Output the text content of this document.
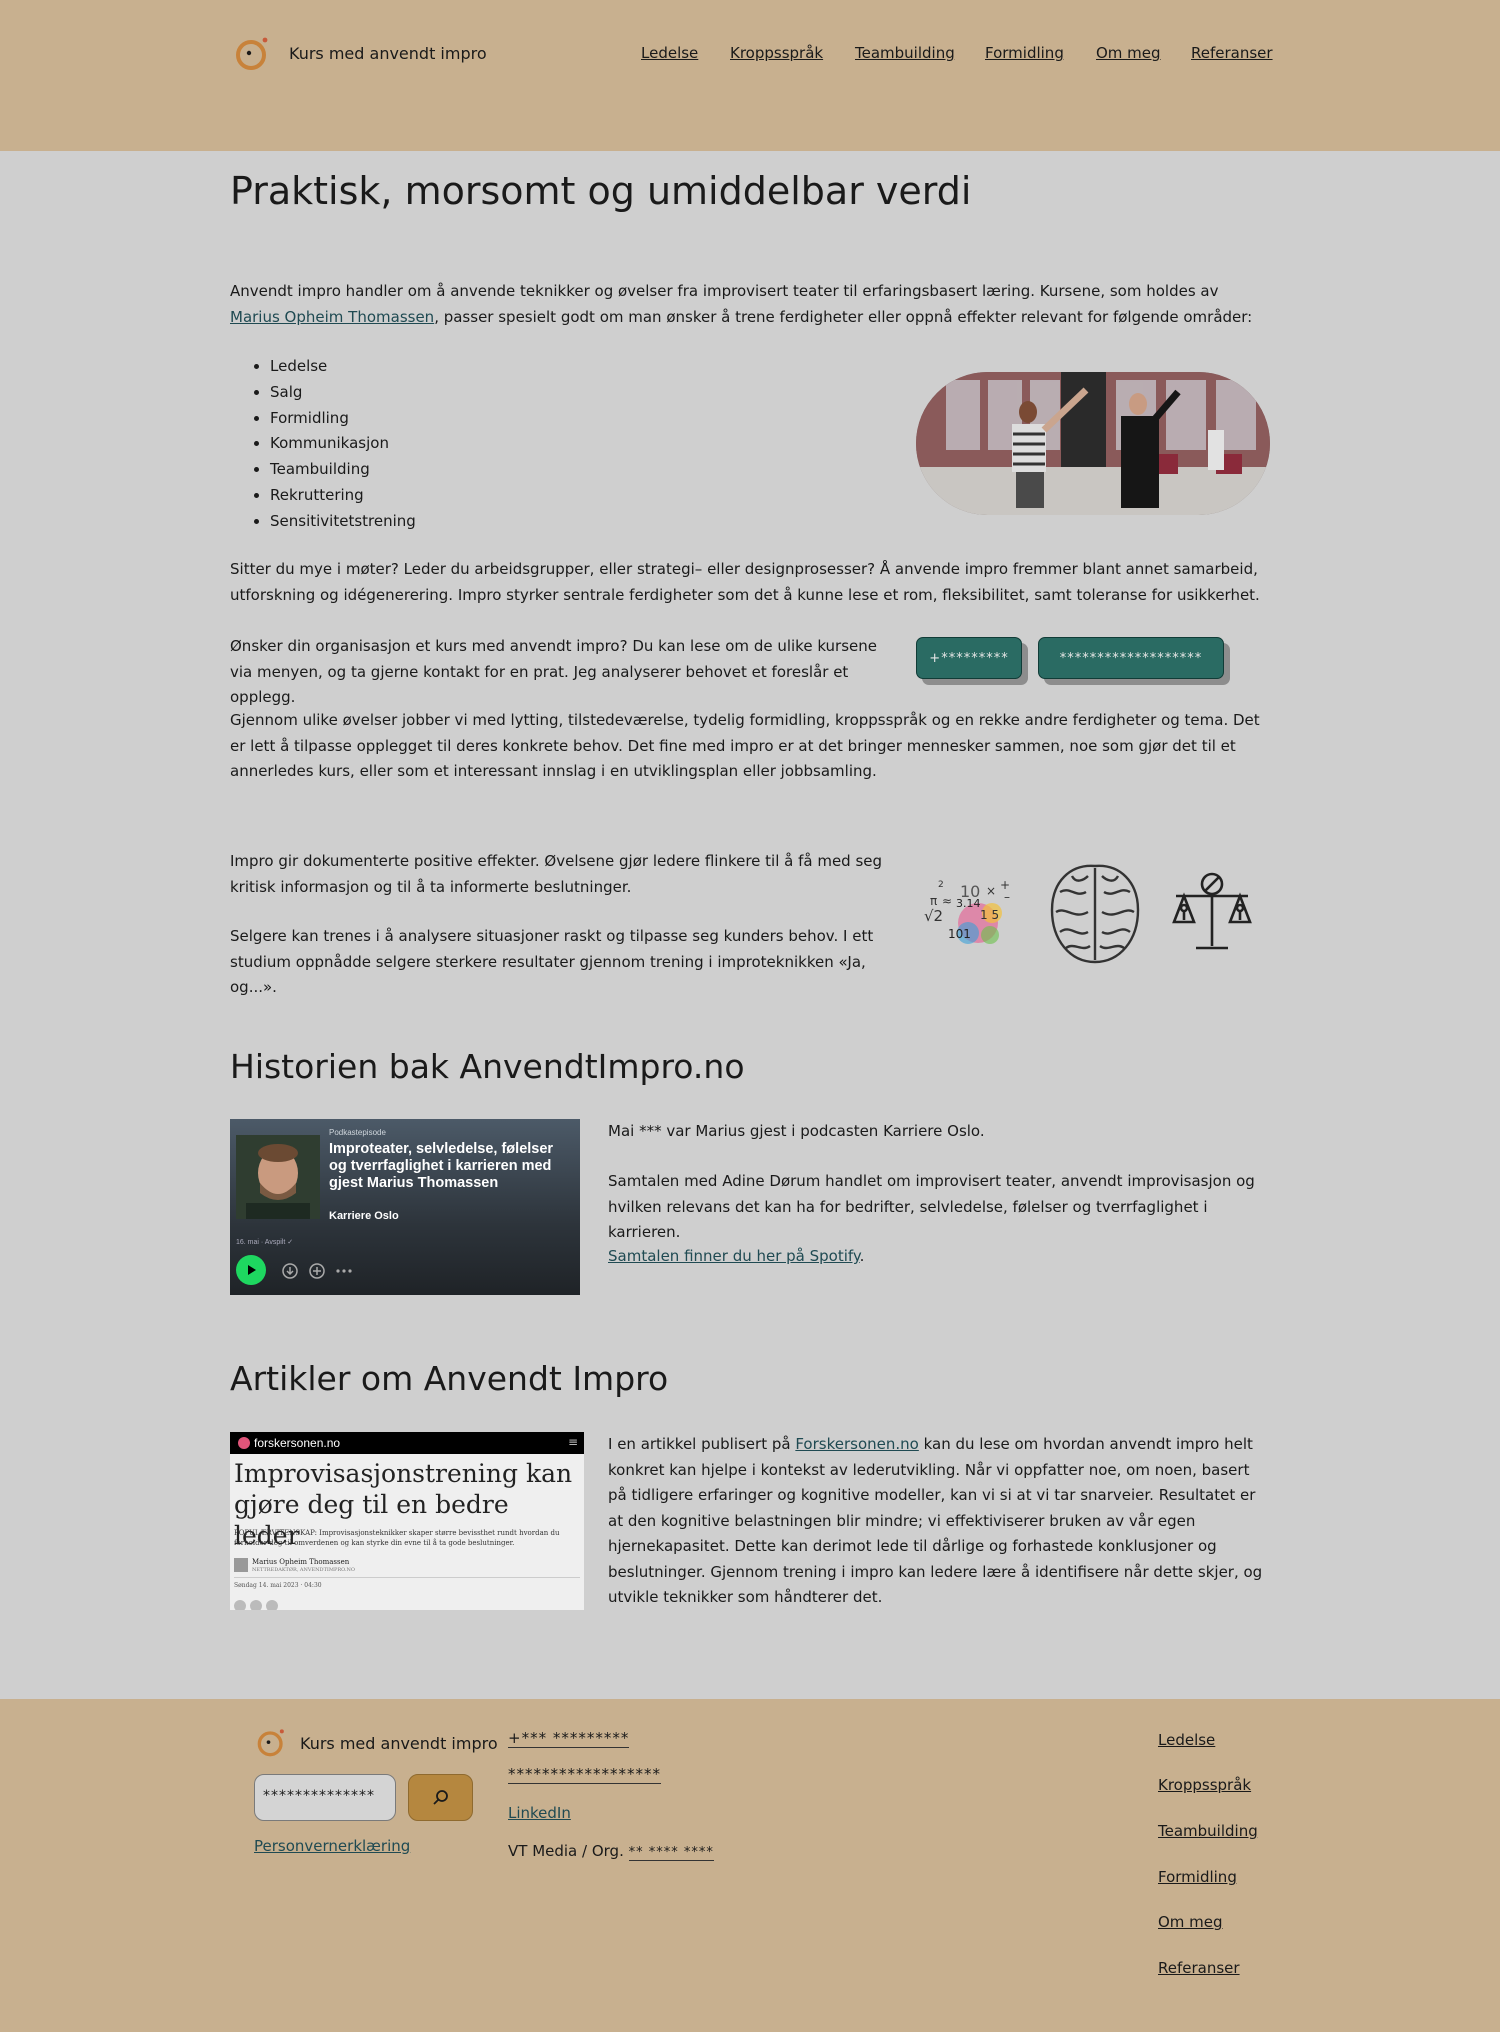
Kurs med anvendt impro	Ledelse Kroppsspråk Teambuilding Formidling Om meg Referanser
Praktisk, morsomt og umiddelbar verdi

Anvendt impro handler om å anvende teknikker og øvelser fra improvisert teater til erfaringsbasert læring. Kursene, som holdes av Marius Opheim Thomassen, passer spesielt godt om man ønsker å trene ferdigheter eller oppnå effekter relevant for følgende områder:

• Ledelse
• Salg
• Formidling
• Kommunikasjon
• Teambuilding
• Rekruttering
• Sensitivitetstrening

Sitter du mye i møter? Leder du arbeidsgrupper, eller strategi– eller designprosesser? Å anvende impro fremmer blant annet samarbeid, utforskning og idégenerering. Impro styrker sentrale ferdigheter som det å kunne lese et rom, fleksibilitet, samt toleranse for usikkerhet.

Ønsker din organisasjon et kurs med anvendt impro? Du kan lese om de ulike kursene via menyen, og ta gjerne kontakt for en prat. Jeg analyserer behovet et foreslår et opplegg.

+*********	*******************

Gjennom ulike øvelser jobber vi med lytting, tilstedeværelse, tydelig formidling, kroppsspråk og en rekke andre ferdigheter og tema. Det er lett å tilpasse opplegget til deres konkrete behov. Det fine med impro er at det bringer mennesker sammen, noe som gjør det til et annerledes kurs, eller som et interessant innslag i en utviklingsplan eller jobbsamling.

Impro gir dokumenterte positive effekter. Øvelsene gjør ledere flinkere til å få med seg kritisk informasjon og til å ta informerte beslutninger.

Selgere kan trenes i å analysere situasjoner raskt og tilpasse seg kunders behov. I ett studium oppnådde selgere sterkere resultater gjennom trening i improteknikken «Ja, og...».

2 10 × +
–
π ≈ 3.14
√2	1 5
101
Historien bak AnvendtImpro.no
Podkastepisode
Improteater, selvledelse, følelser og tverrfaglighet i karrieren med gjest Marius Thomassen
Karriere Oslo
16. mai · Avspilt ✓

Mai *** var Marius gjest i podcasten Karriere Oslo.

Samtalen med Adine Dørum handlet om improvisert teater, anvendt improvisasjon og hvilken relevans det kan ha for bedrifter, selvledelse, følelser og tverrfaglighet i karrieren.

Samtalen finner du her på Spotify.

Artikler om Anvendt Impro
forskersonen.no	≡
Improvisasjonstrening kan gjøre deg til en bedre leder
POPULÆRVITENSKAP: Improvisasjonsteknikker skaper større bevissthet rundt hvordan du forholder deg til omverdenen og kan styrke din evne til å ta gode beslutninger.
Marius Opheim Thomassen
NETTREDAKTØR, ANVENDTIMPRO.NO
Søndag 14. mai 2023 · 04:30

I en artikkel publisert på Forskersonen.no kan du lese om hvordan anvendt impro helt konkret kan hjelpe i kontekst av lederutvikling. Når vi oppfatter noe, om noen, basert på tidligere erfaringer og kognitive modeller, kan vi si at vi tar snarveier. Resultatet er at den kognitive belastningen blir mindre; vi effektiviserer bruken av vår egen hjernekapasitet. Dette kan derimot lede til dårlige og forhastede konklusjoner og beslutninger. Gjennom trening i impro kan ledere lære å identifisere når dette skjer, og utvikle teknikker som håndterer det.

Kurs med anvendt impro
Personvernerklæring
+*** *********
******************
LinkedIn
VT Media / Org. ** **** ****
Ledelse
Kroppsspråk
Teambuilding
Formidling
Om meg
Referanser
**************
